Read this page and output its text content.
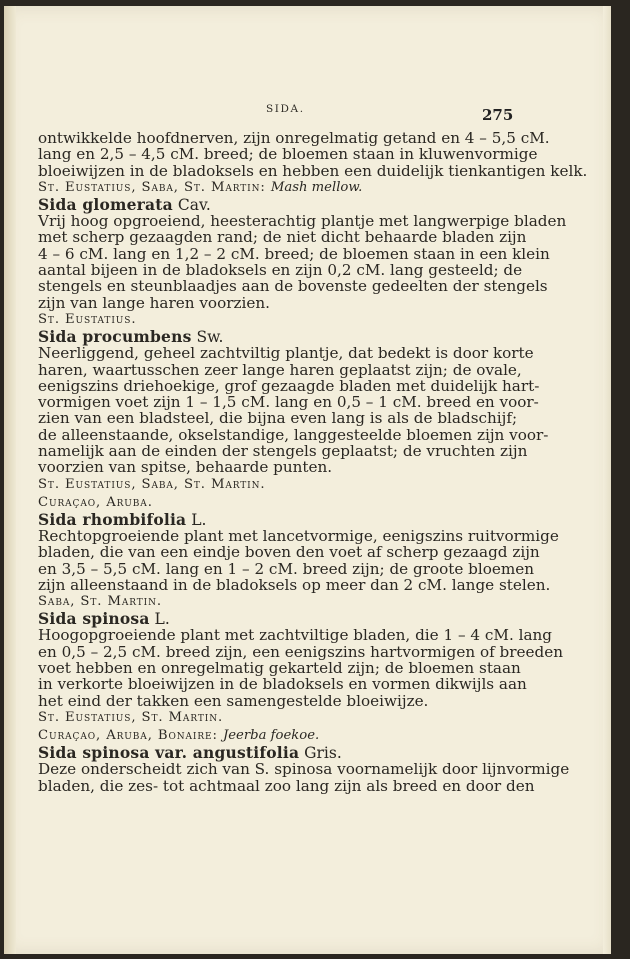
SIDA.	275

ontwikkelde hoofdnerven, zijn onregelmatig getand en 4 – 5,5 cM.
lang en 2,5 – 4,5 cM. breed; de bloemen staan in kluwenvormige
bloeiwijzen in de bladoksels en hebben een duidelijk tienkantigen kelk.

St. Eustatius, Saba, St. Martin: Mash mellow.

Sida glomerata Cav.

Vrij hoog opgroeiend, heesterachtig plantje met langwerpige bladen
met scherp gezaagden rand; de niet dicht behaarde bladen zijn
4 – 6 cM. lang en 1,2 – 2 cM. breed; de bloemen staan in een klein
aantal bijeen in de bladoksels en zijn 0,2 cM. lang gesteeld; de
stengels en steunblaadjes aan de bovenste gedeelten der stengels
zijn van lange haren voorzien.

St. Eustatius.

Sida procumbens Sw.

Neerliggend, geheel zachtviltig plantje, dat bedekt is door korte
haren, waartusschen zeer lange haren geplaatst zijn; de ovale,
eenigszins driehoekige, grof gezaagde bladen met duidelijk hart-
vormigen voet zijn 1 – 1,5 cM. lang en 0,5 – 1 cM. breed en voor-
zien van een bladsteel, die bijna even lang is als de bladschijf;
de alleenstaande, okselstandige, langgesteelde bloemen zijn voor-
namelijk aan de einden der stengels geplaatst; de vruchten zijn
voorzien van spitse, behaarde punten.

St. Eustatius, Saba, St. Martin.

Curaçao, Aruba.

Sida rhombifolia L.

Rechtopgroeiende plant met lancetvormige, eenigszins ruitvormige
bladen, die van een eindje boven den voet af scherp gezaagd zijn
en 3,5 – 5,5 cM. lang en 1 – 2 cM. breed zijn; de groote bloemen
zijn alleenstaand in de bladoksels op meer dan 2 cM. lange stelen.

Saba, St. Martin.

Sida spinosa L.

Hoogopgroeiende plant met zachtviltige bladen, die 1 – 4 cM. lang
en 0,5 – 2,5 cM. breed zijn, een eenigszins hartvormigen of breeden
voet hebben en onregelmatig gekarteld zijn; de bloemen staan
in verkorte bloeiwijzen in de bladoksels en vormen dikwijls aan
het eind der takken een samengestelde bloeiwijze.

St. Eustatius, St. Martin.

Curaçao, Aruba, Bonaire: Jeerba foekoe.

Sida spinosa var. angustifolia Gris.

Deze onderscheidt zich van S. spinosa voornamelijk door lijnvormige
bladen, die zes- tot achtmaal zoo lang zijn als breed en door den
